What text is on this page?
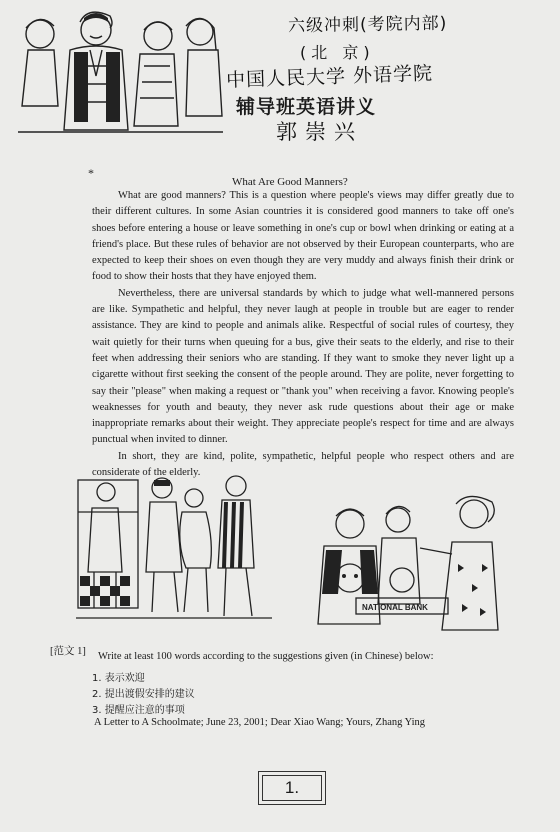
六级冲刺(考院内部)
(北 京)
中国人民大学 外语学院
辅导班英语讲义
郭崇兴
*
What Are Good Manners?

What are good manners? This is a question where people's views may differ greatly due to their different cultures. In some Asian countries it is considered good manners to take off one's shoes before entering a house or leave something in one's cup or bowl when drinking or eating at a friend's place. But these rules of behavior are not observed by their European counterparts, who are expected to keep their shoes on even though they are very muddy and always finish their drink or food to show their hosts that they have enjoyed them.

Nevertheless, there are universal standards by which to judge what well-mannered persons are like. Sympathetic and helpful, they never laugh at people in trouble but are eager to render assistance. They are kind to people and animals alike. Respectful of social rules of courtesy, they wait quietly for their turns when queuing for a bus, give their seats to the elderly, and rise to their feet when addressing their seniors who are standing. If they want to smoke they never light up a cigarette without first seeking the consent of the people around. They are polite, never forgetting to say their "please" when making a request or "thank you" when receiving a favor. Knowing people's weaknesses for youth and beauty, they never ask rude questions about their age or make inappropriate remarks about their weight. They appreciate people's respect for time and are always punctual when invited to dinner.

In short, they are kind, polite, sympathetic, helpful people who respect others and are considerate of the elderly.

NATIONAL BANK
[范文 1] Write at least 100 words according to the suggestions given (in Chinese) below:
1. 表示欢迎
2. 提出渡假安排的建议
3. 提醒应注意的事项
A Letter to A Schoolmate; June 23, 2001; Dear Xiao Wang; Yours, Zhang Ying
1.
